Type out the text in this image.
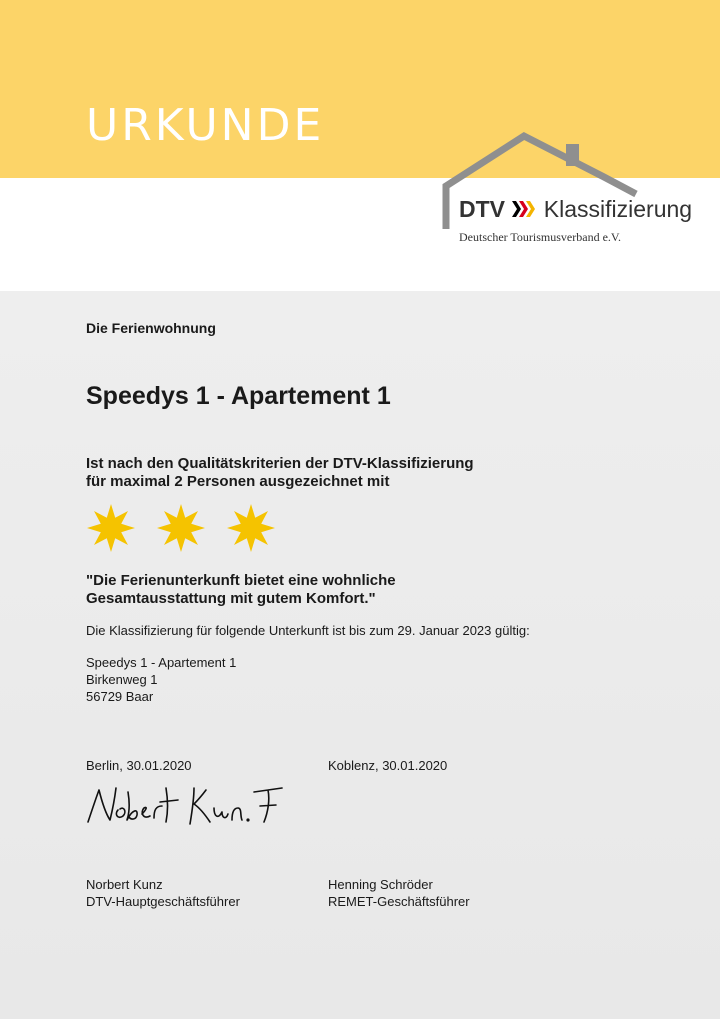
URKUNDE
DTV Klassifizierung
Deutscher Tourismusverband e.V.
Die Ferienwohnung
Speedys 1 - Apartement 1
Ist nach den Qualitätskriterien der DTV-Klassifizierung
für maximal 2 Personen ausgezeichnet mit
"Die Ferienunterkunft bietet eine wohnliche
Gesamtausstattung mit gutem Komfort."
Die Klassifizierung für folgende Unterkunft ist bis zum 29. Januar 2023 gültig:
Speedys 1 - Apartement 1
Birkenweg 1
56729 Baar
Berlin, 30.01.2020	Koblenz, 30.01.2020
Norbert Kunz
DTV-Hauptgeschäftsführer
Henning Schröder
REMET-Geschäftsführer
